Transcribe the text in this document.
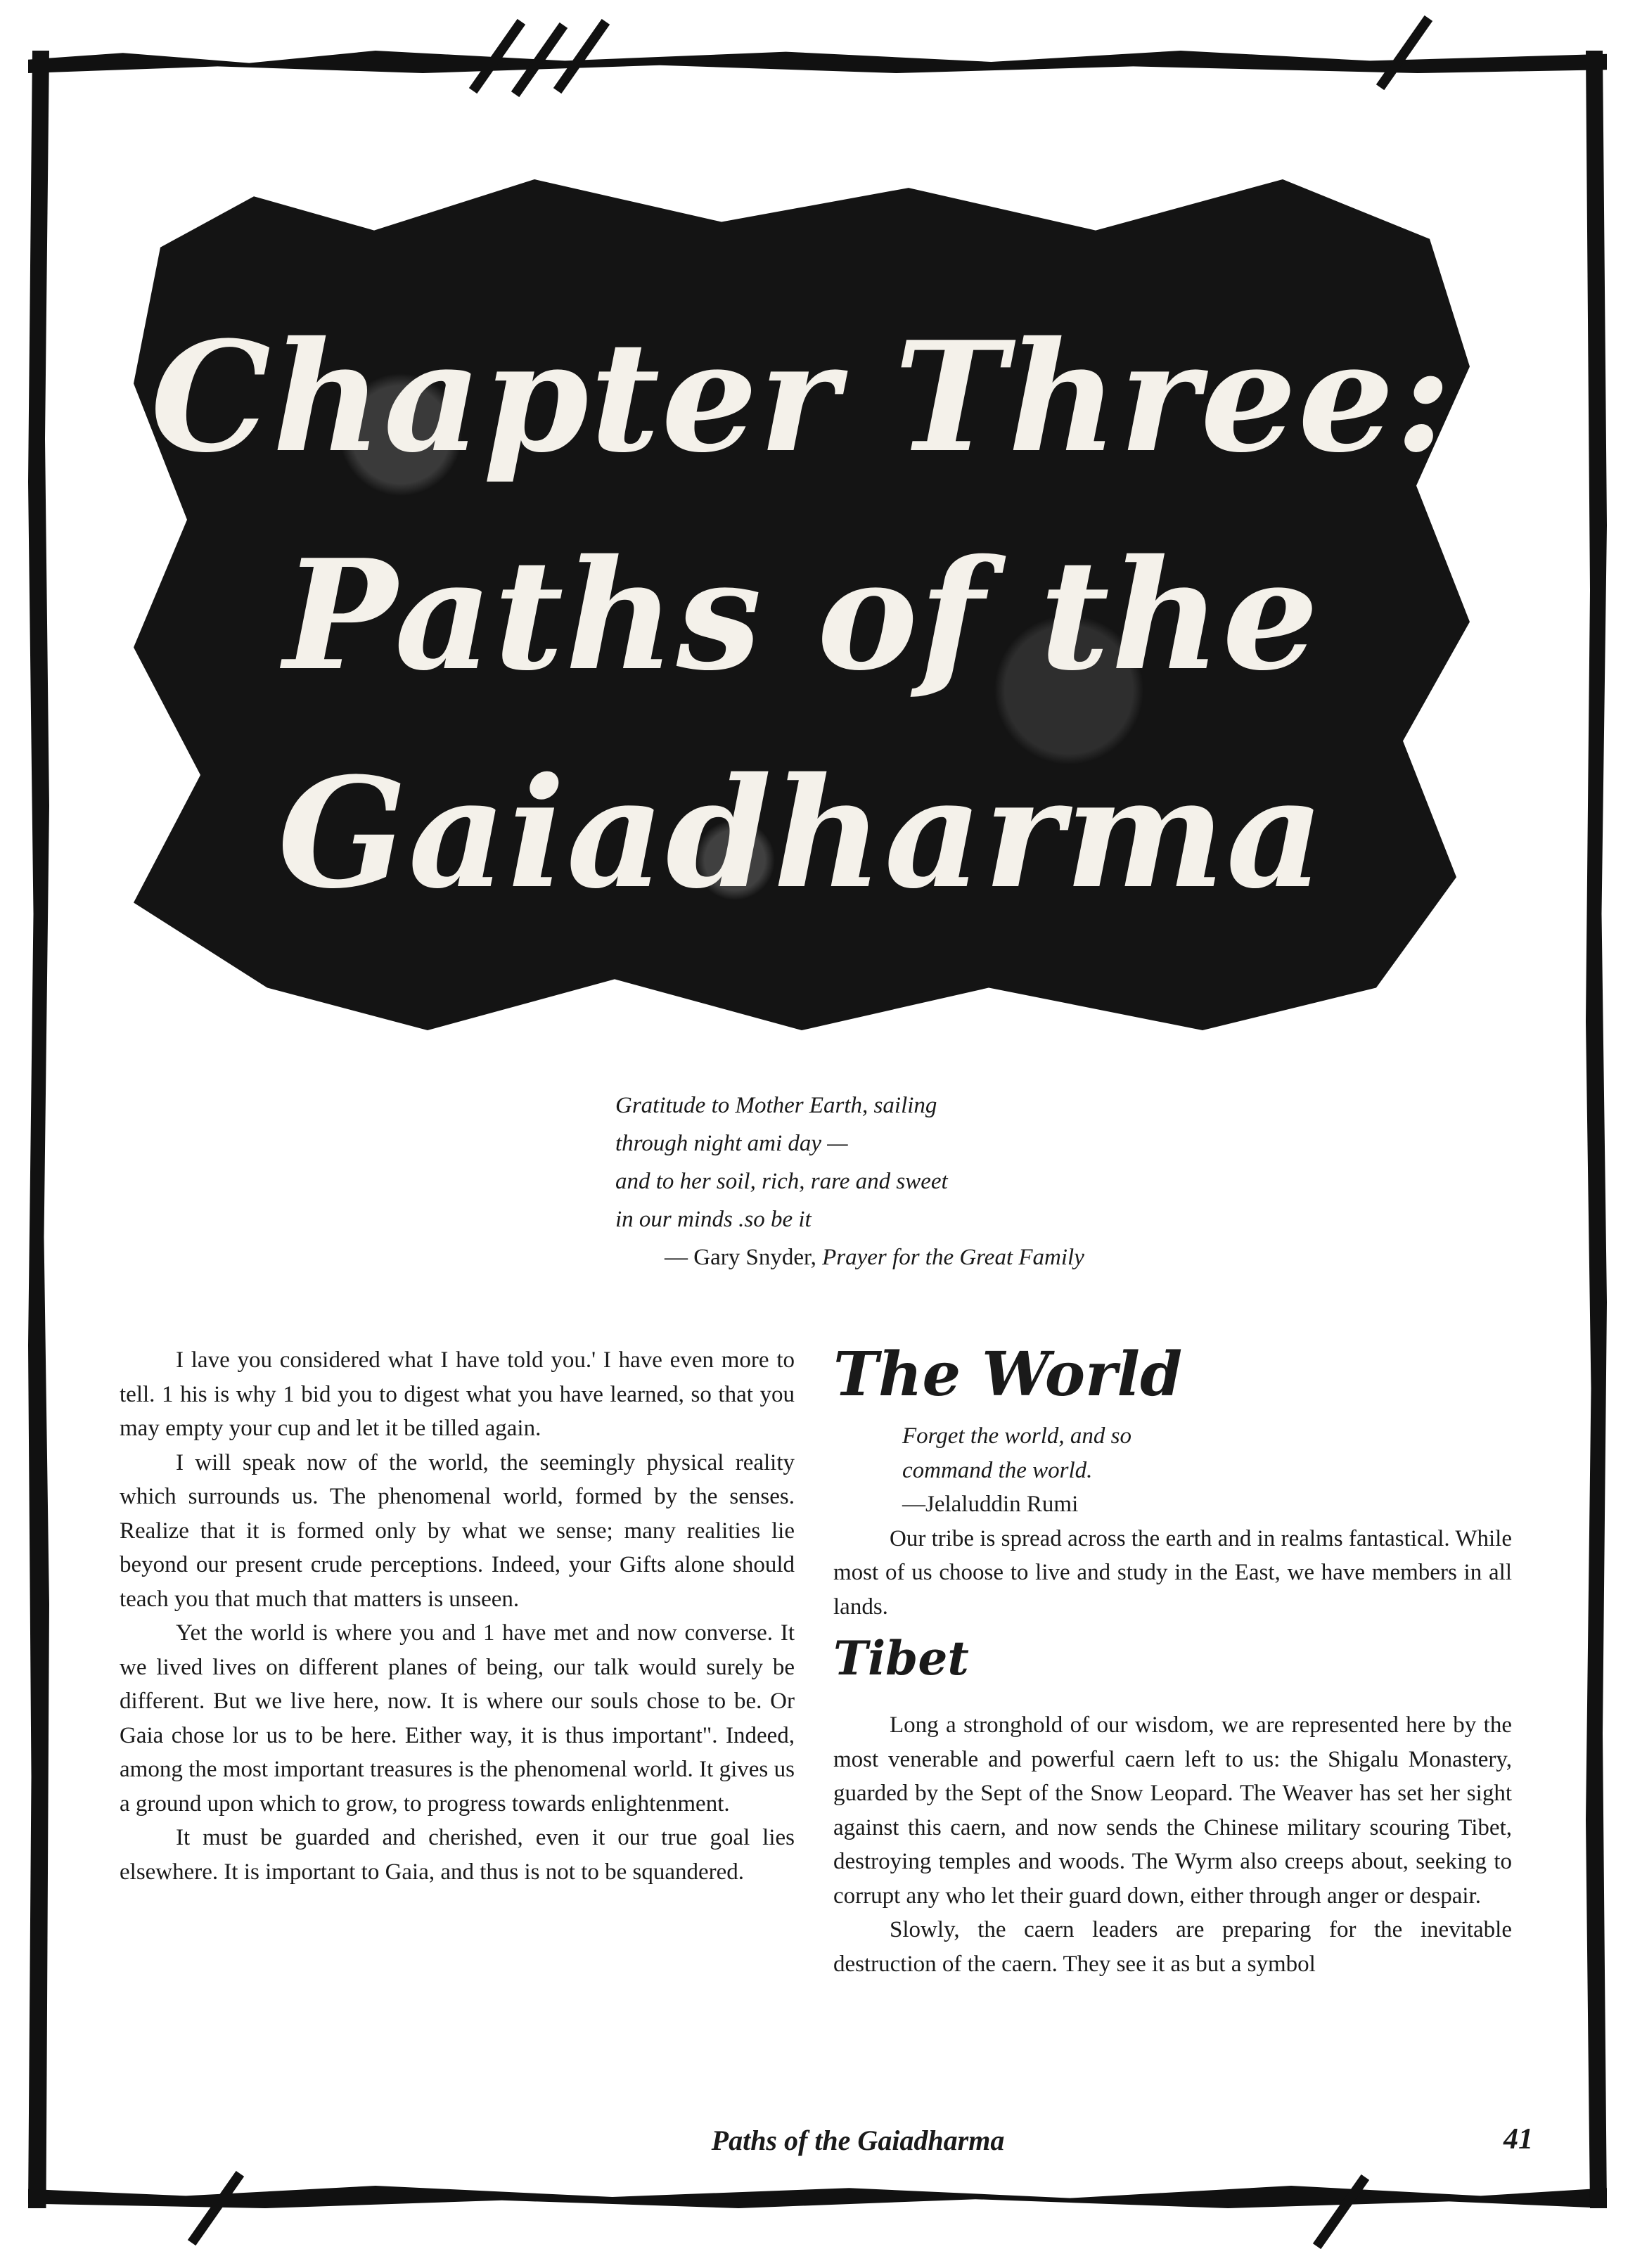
Chapter Three:
Paths of the
Gaiadharma
Gratitude to Mother Earth, sailing
through night ami day —
and to her soil, rich, rare and sweet
in our minds .so be it
— Gary Snyder, Prayer for the Great Family

I lave you considered what I have told you.' I have even more to tell. 1 his is why 1 bid you to digest what you have learned, so that you may empty your cup and let it be tilled again.

I will speak now of the world, the seemingly physical reality which surrounds us. The phenomenal world, formed by the senses. Realize that it is formed only by what we sense; many realities lie beyond our present crude perceptions. Indeed, your Gifts alone should teach you that much that matters is unseen.

Yet the world is where you and 1 have met and now converse. It we lived lives on different planes of being, our talk would surely be different. But we live here, now. It is where our souls chose to be. Or Gaia chose lor us to be here. Either way, it is thus important". Indeed, among the most important treasures is the phenomenal world. It gives us a ground upon which to grow, to progress towards enlightenment.

It must be guarded and cherished, even it our true goal lies elsewhere. It is important to Gaia, and thus is not to be squandered.

The World
Forget the world, and so
command the world.
—Jelaluddin Rumi

Our tribe is spread across the earth and in realms fantastical. While most of us choose to live and study in the East, we have members in all lands.

Tibet

Long a stronghold of our wisdom, we are represented here by the most venerable and powerful caern left to us: the Shigalu Monastery, guarded by the Sept of the Snow Leopard. The Weaver has set her sight against this caern, and now sends the Chinese military scouring Tibet, destroying temples and woods. The Wyrm also creeps about, seeking to corrupt any who let their guard down, either through anger or despair.

Slowly, the caern leaders are preparing for the inevitable destruction of the caern. They see it as but a symbol

Paths of the Gaiadharma	41
